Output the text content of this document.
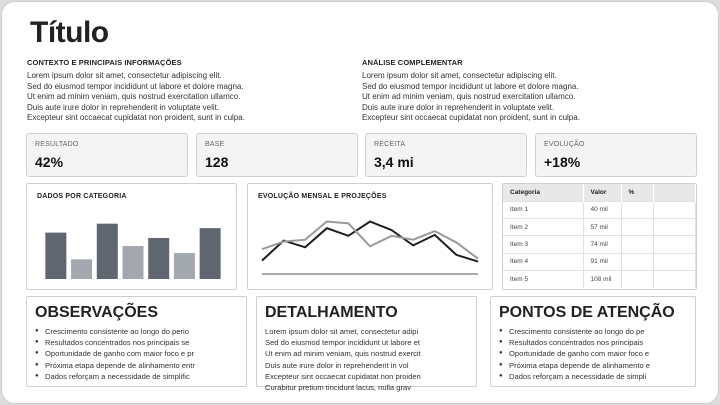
Título
CONTEXTO E PRINCIPAIS INFORMAÇÕES

Lorem ipsum dolor sit amet, consectetur adipiscing elit.
Sed do eiusmod tempor incididunt ut labore et dolore magna.
Ut enim ad minim veniam, quis nostrud exercitation ullamco.
Duis aute irure dolor in reprehenderit in voluptate velit.
Excepteur sint occaecat cupidatat non proident, sunt in culpa.

ANÁLISE COMPLEMENTAR

Lorem ipsum dolor sit amet, consectetur adipiscing elit.
Sed do eiusmod tempor incididunt ut labore et dolore magna.
Ut enim ad minim veniam, quis nostrud exercitation ullamco.
Duis aute irure dolor in reprehenderit in voluptate velit.
Excepteur sint occaecat cupidatat non proident, sunt in culpa.

RESULTADO
42%
BASE
128
RECEITA
3,4 mi
EVOLUÇÃO
+18%
DADOS POR CATEGORIA	EVOLUÇÃO MENSAL E PROJEÇÕES
Categoria	Valor	%	
Item 1	40 mil		
Item 2	57 mil		
Item 3	74 mil		
Item 4	91 mil		
Item 5	108 mil		
OBSERVAÇÕES
● Crescimento consistente ao longo do perio
● Resultados concentrados nos principais se
● Oportunidade de ganho com maior foco e pr
● Próxima etapa depende de alinhamento entr
● Dados reforçam a necessidade de simplific
DETALHAMENTO
Lorem ipsum dolor sit amet, consectetur adipi
Sed do eiusmod tempor incididunt ut labore et
Ut enim ad minim veniam, quis nostrud exercit
Duis aute irure dolor in reprehenderit in vol
Excepteur sint occaecat cupidatat non proiden
Curabitur pretium tincidunt lacus, nulla grav
PONTOS DE ATENÇÃO
● Crescimento consistente ao longo do pe
● Resultados concentrados nos principais
● Oportunidade de ganho com maior foco e
● Próxima etapa depende de alinhamento e
● Dados reforçam a necessidade de simpli
